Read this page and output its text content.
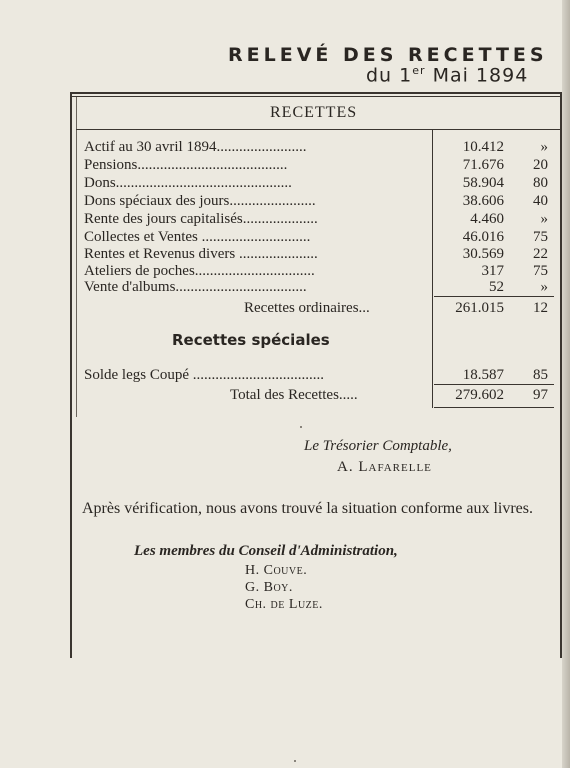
RELEVÉ DES RECETTES
du 1er Mai 1894
RECETTES
Actif au 30 avril 1894........................	10.412	»
Pensions........................................	71.676	20
Dons...............................................	58.904	80
Dons spéciaux des jours.......................	38.606	40
Rente des jours capitalisés....................	4.460	»
Collectes et Ventes .............................	46.016	75
Rentes et Revenus divers .....................	30.569	22
Ateliers de poches................................	317	75
Vente d'albums...................................	52	»
Recettes ordinaires...	261.015	12
Recettes spéciales
Solde legs Coupé ...................................	18.587	85
Total des Recettes.....	279.602	97
Le Trésorier Comptable,
A. Lafarelle
Après vérification, nous avons trouvé la situation conforme aux livres.
Les membres du Conseil d'Administration,
H. Couve.
G. Boy.
Ch. de Luze.
